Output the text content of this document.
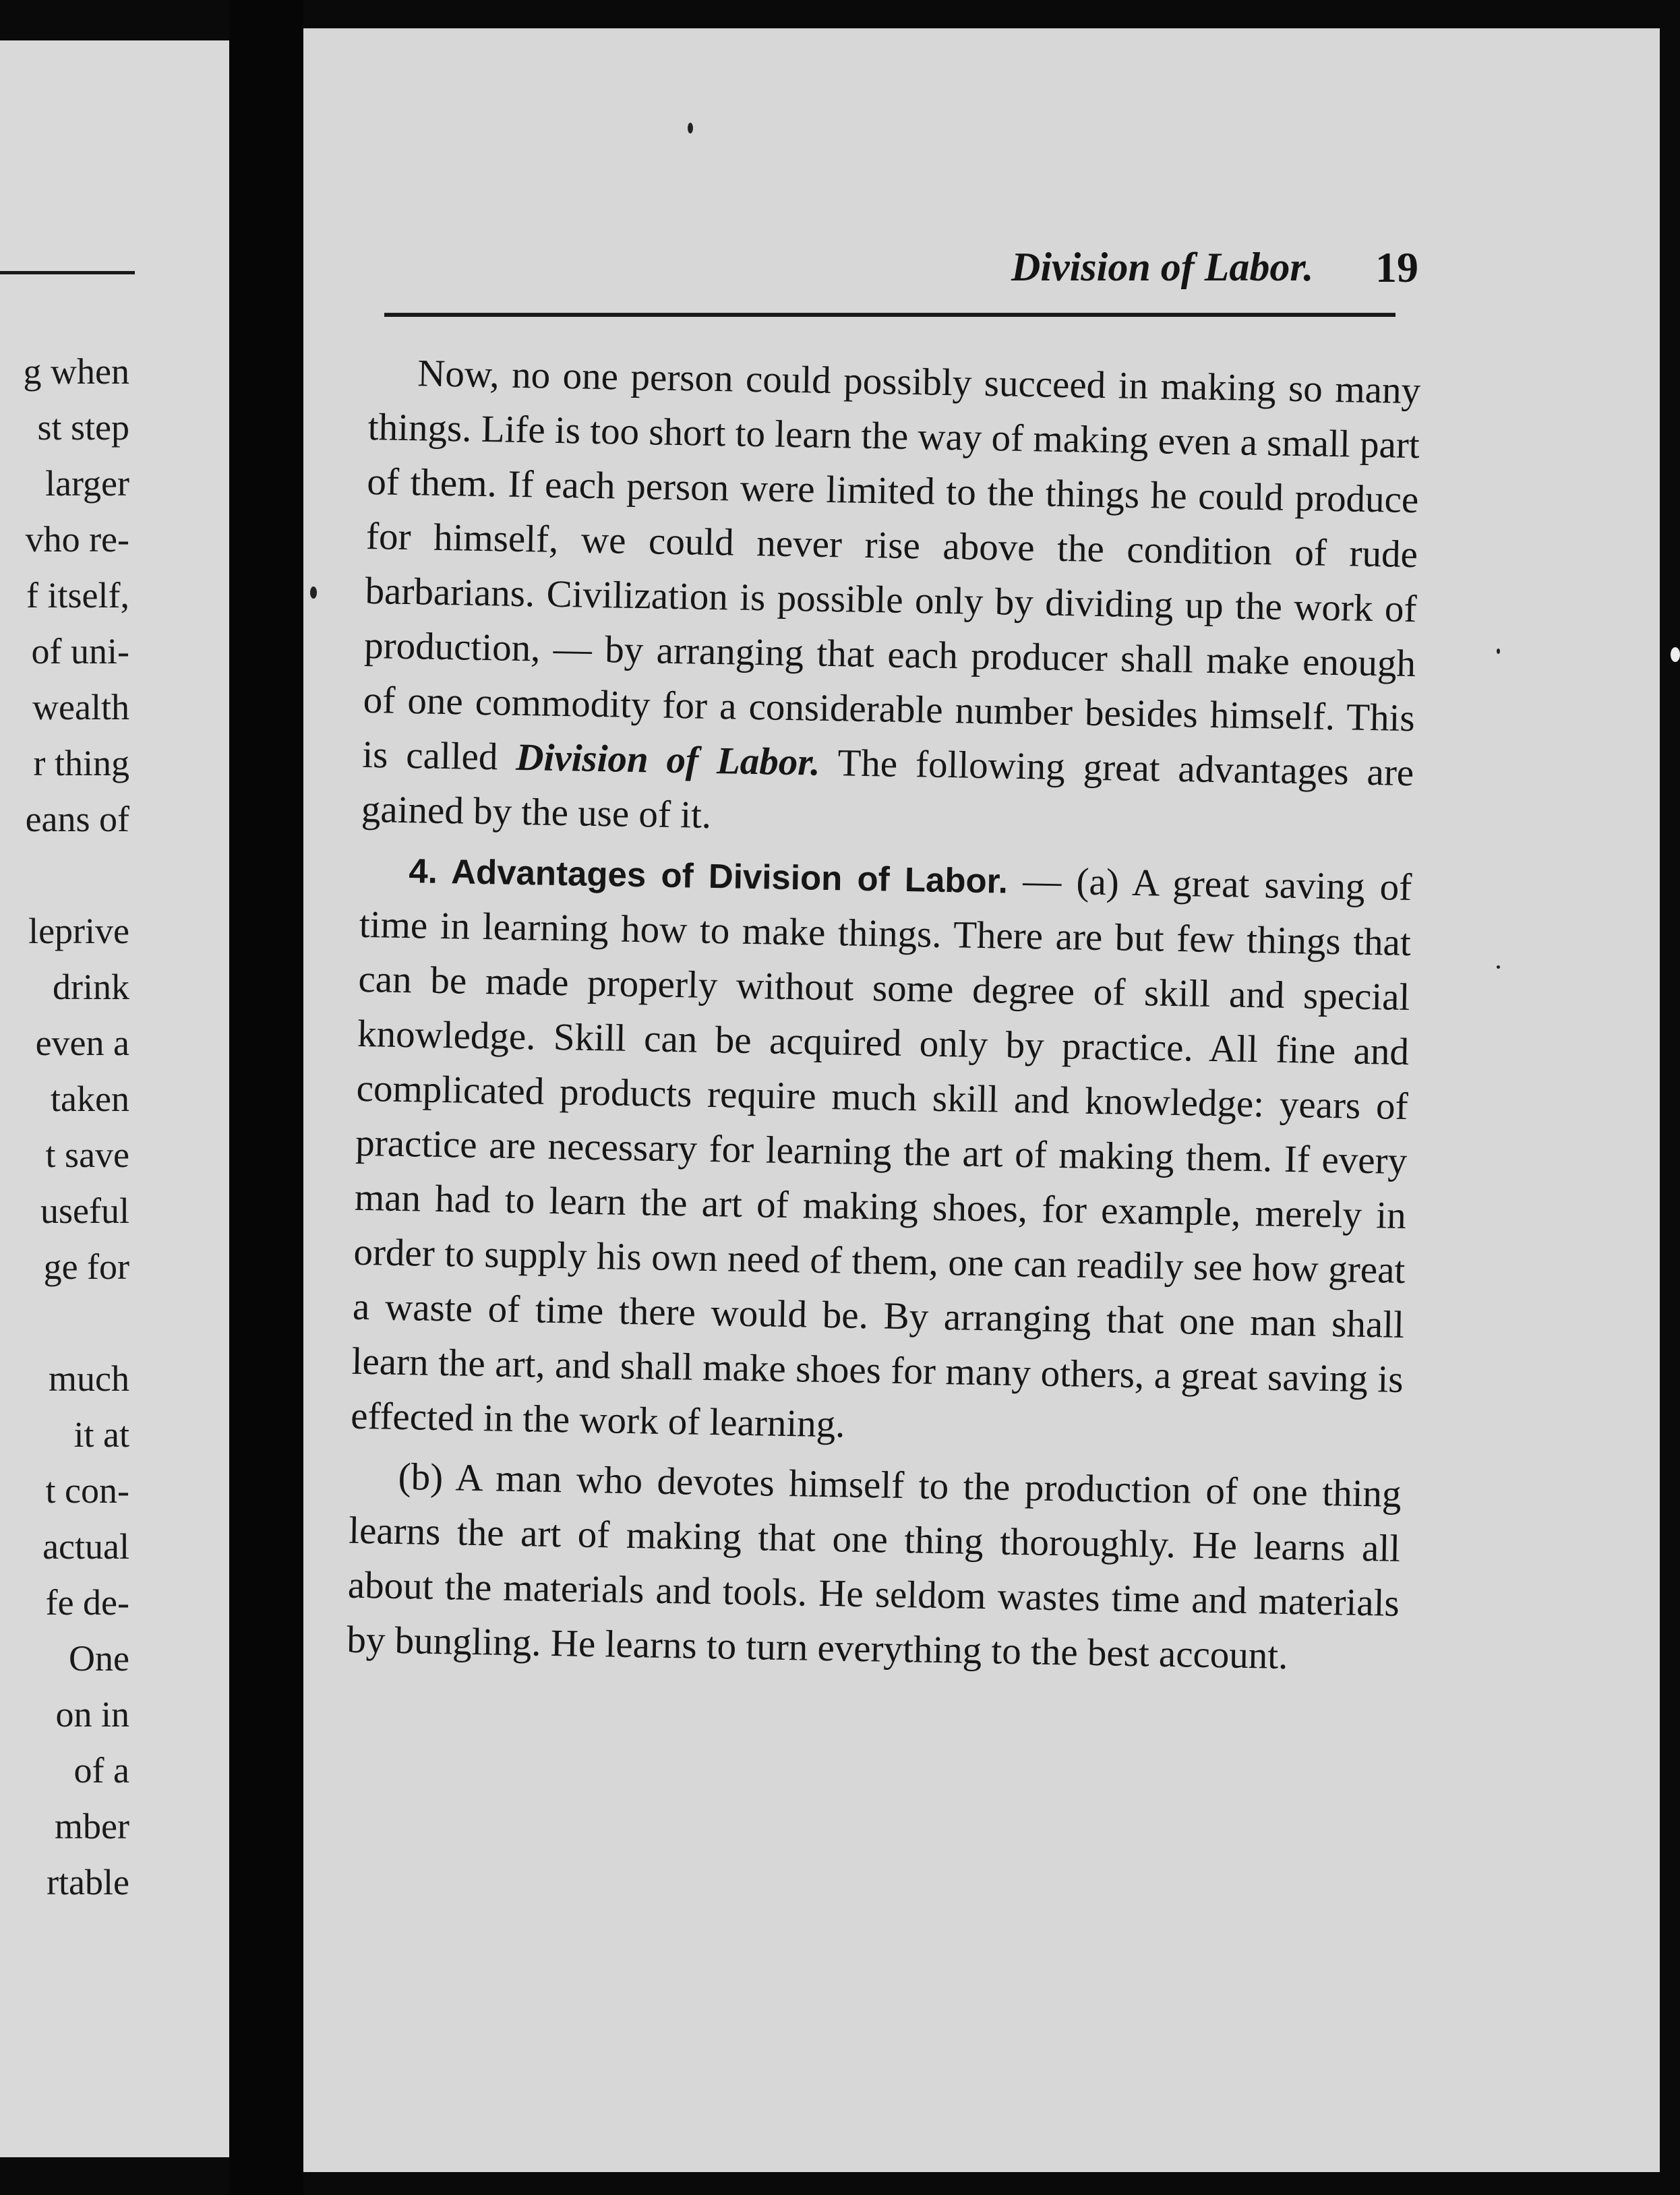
g when
st step
larger
vho re-
f itself,
of uni-
wealth
r thing
eans of
leprive
drink
even a
taken
t save
useful
ge for
much
it at
t con-
actual
fe de-
One
on in
of a
mber
rtable
Division of Labor. 19

Now, no one person could possibly succeed in making so many things. Life is too short to learn the way of making even a small part of them. If each person were limited to the things he could produce for himself, we could never rise above the condition of rude barbarians. Civilization is possible only by dividing up the work of production, — by arranging that each producer shall make enough of one commodity for a considerable number besides himself. This is called Division of Labor. The following great advantages are gained by the use of it.

4. Advantages of Division of Labor. — (a) A great saving of time in learning how to make things. There are but few things that can be made properly without some degree of skill and special knowledge. Skill can be acquired only by practice. All fine and complicated products require much skill and knowledge: years of practice are necessary for learning the art of making them. If every man had to learn the art of making shoes, for example, merely in order to supply his own need of them, one can readily see how great a waste of time there would be. By arranging that one man shall learn the art, and shall make shoes for many others, a great saving is effected in the work of learning.

(b) A man who devotes himself to the production of one thing learns the art of making that one thing thoroughly. He learns all about the materials and tools. He seldom wastes time and materials by bungling. He learns to turn everything to the best account.
